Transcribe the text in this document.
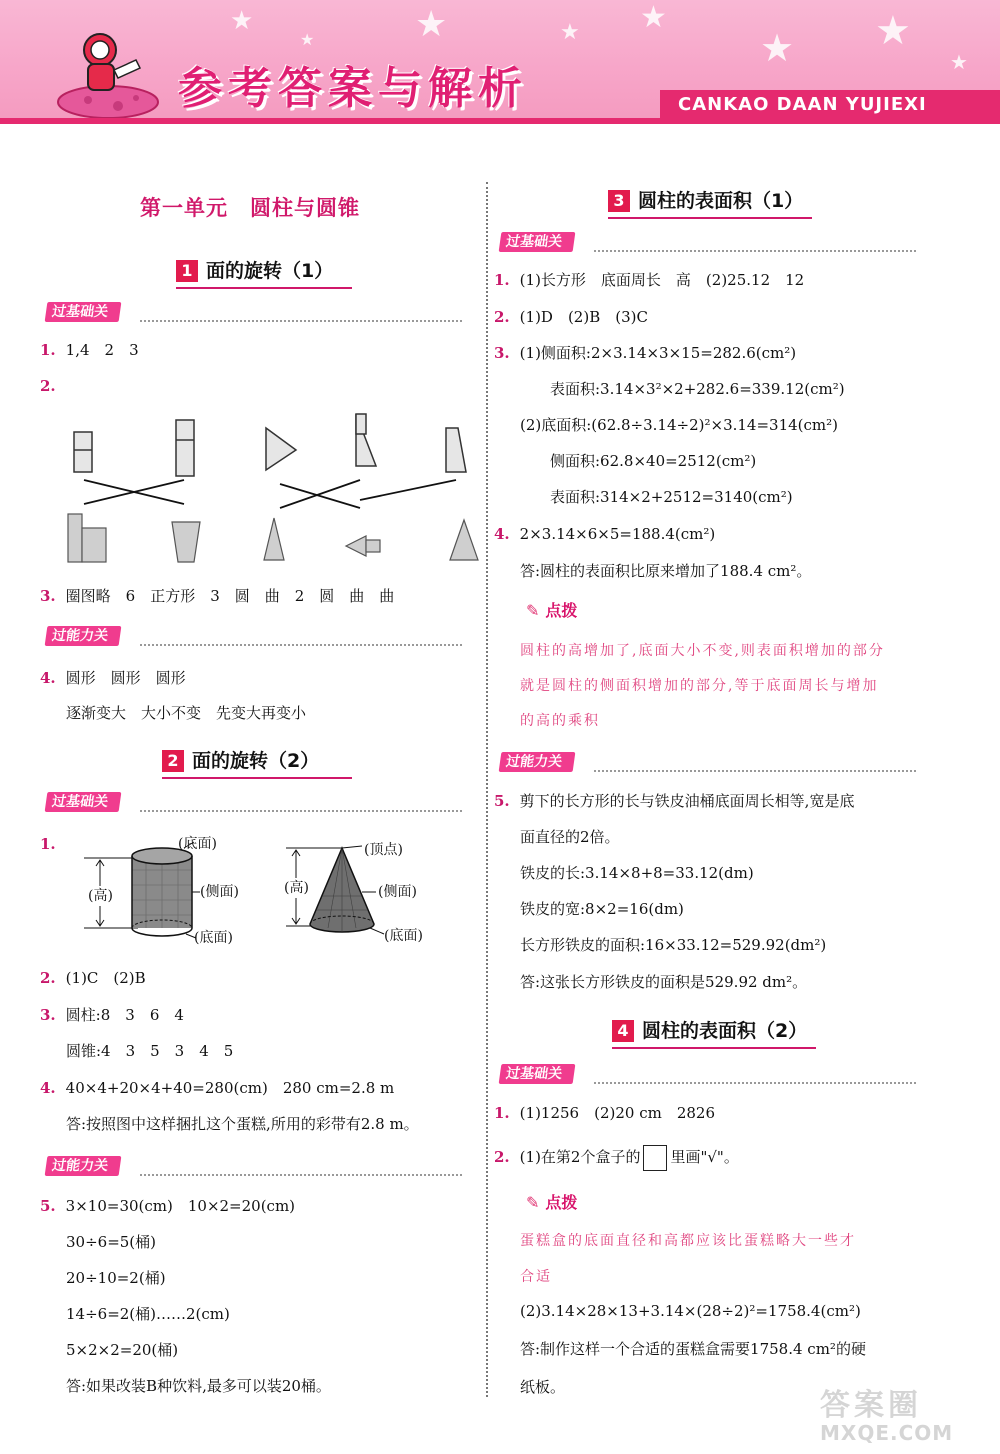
★
★	★	★ ★
★ ★
★
参考答案与解析	CANKAO DAAN YUJIEXI
第一单元　圆柱与圆锥
1 面的旋转（1）
过基础关
1. 1,4　2　3
2.
3. 圈图略　6　正方形　3　圆　曲　2　圆　曲　曲
过能力关
4. 圆形　圆形　圆形
逐渐变大　大小不变　先变大再变小
2 面的旋转（2）
过基础关
1.	(底面)
(侧面)
(底面)
(高)
(顶点)
(侧面)
(底面)
(高)
2. (1)C　(2)B
3. 圆柱:8　3　6　4
圆锥:4　3　5　3　4　5
4. 40×4+20×4+40=280(cm)　280 cm=2.8 m
答:按照图中这样捆扎这个蛋糕,所用的彩带有2.8 m。
过能力关
5. 3×10=30(cm)　10×2=20(cm)
30÷6=5(桶)
20÷10=2(桶)
14÷6=2(桶)……2(cm)
5×2×2=20(桶)
答:如果改装B种饮料,最多可以装20桶。
3 圆柱的表面积（1）
过基础关
1. (1)长方形　底面周长　高　(2)25.12　12
2. (1)D　(2)B　(3)C
3. (1)侧面积:2×3.14×3×15=282.6(cm²)
表面积:3.14×3²×2+282.6=339.12(cm²)
(2)底面积:(62.8÷3.14÷2)²×3.14=314(cm²)
侧面积:62.8×40=2512(cm²)
表面积:314×2+2512=3140(cm²)
4. 2×3.14×6×5=188.4(cm²)
答:圆柱的表面积比原来增加了188.4 cm²。
✎ 点拨
圆柱的高增加了,底面大小不变,则表面积增加的部分
就是圆柱的侧面积增加的部分,等于底面周长与增加
的高的乘积
过能力关
5. 剪下的长方形的长与铁皮油桶底面周长相等,宽是底
面直径的2倍。
铁皮的长:3.14×8+8=33.12(dm)
铁皮的宽:8×2=16(dm)
长方形铁皮的面积:16×33.12=529.92(dm²)
答:这张长方形铁皮的面积是529.92 dm²。
4 圆柱的表面积（2）
过基础关
1. (1)1256　(2)20 cm　2826
2. (1)在第2个盒子的 里画"√"。
✎ 点拨
蛋糕盒的底面直径和高都应该比蛋糕略大一些才
合适
(2)3.14×28×13+3.14×(28÷2)²=1758.4(cm²)
答:制作这样一个合适的蛋糕盒需要1758.4 cm²的硬
纸板。
答案圈
MXQE.COM
